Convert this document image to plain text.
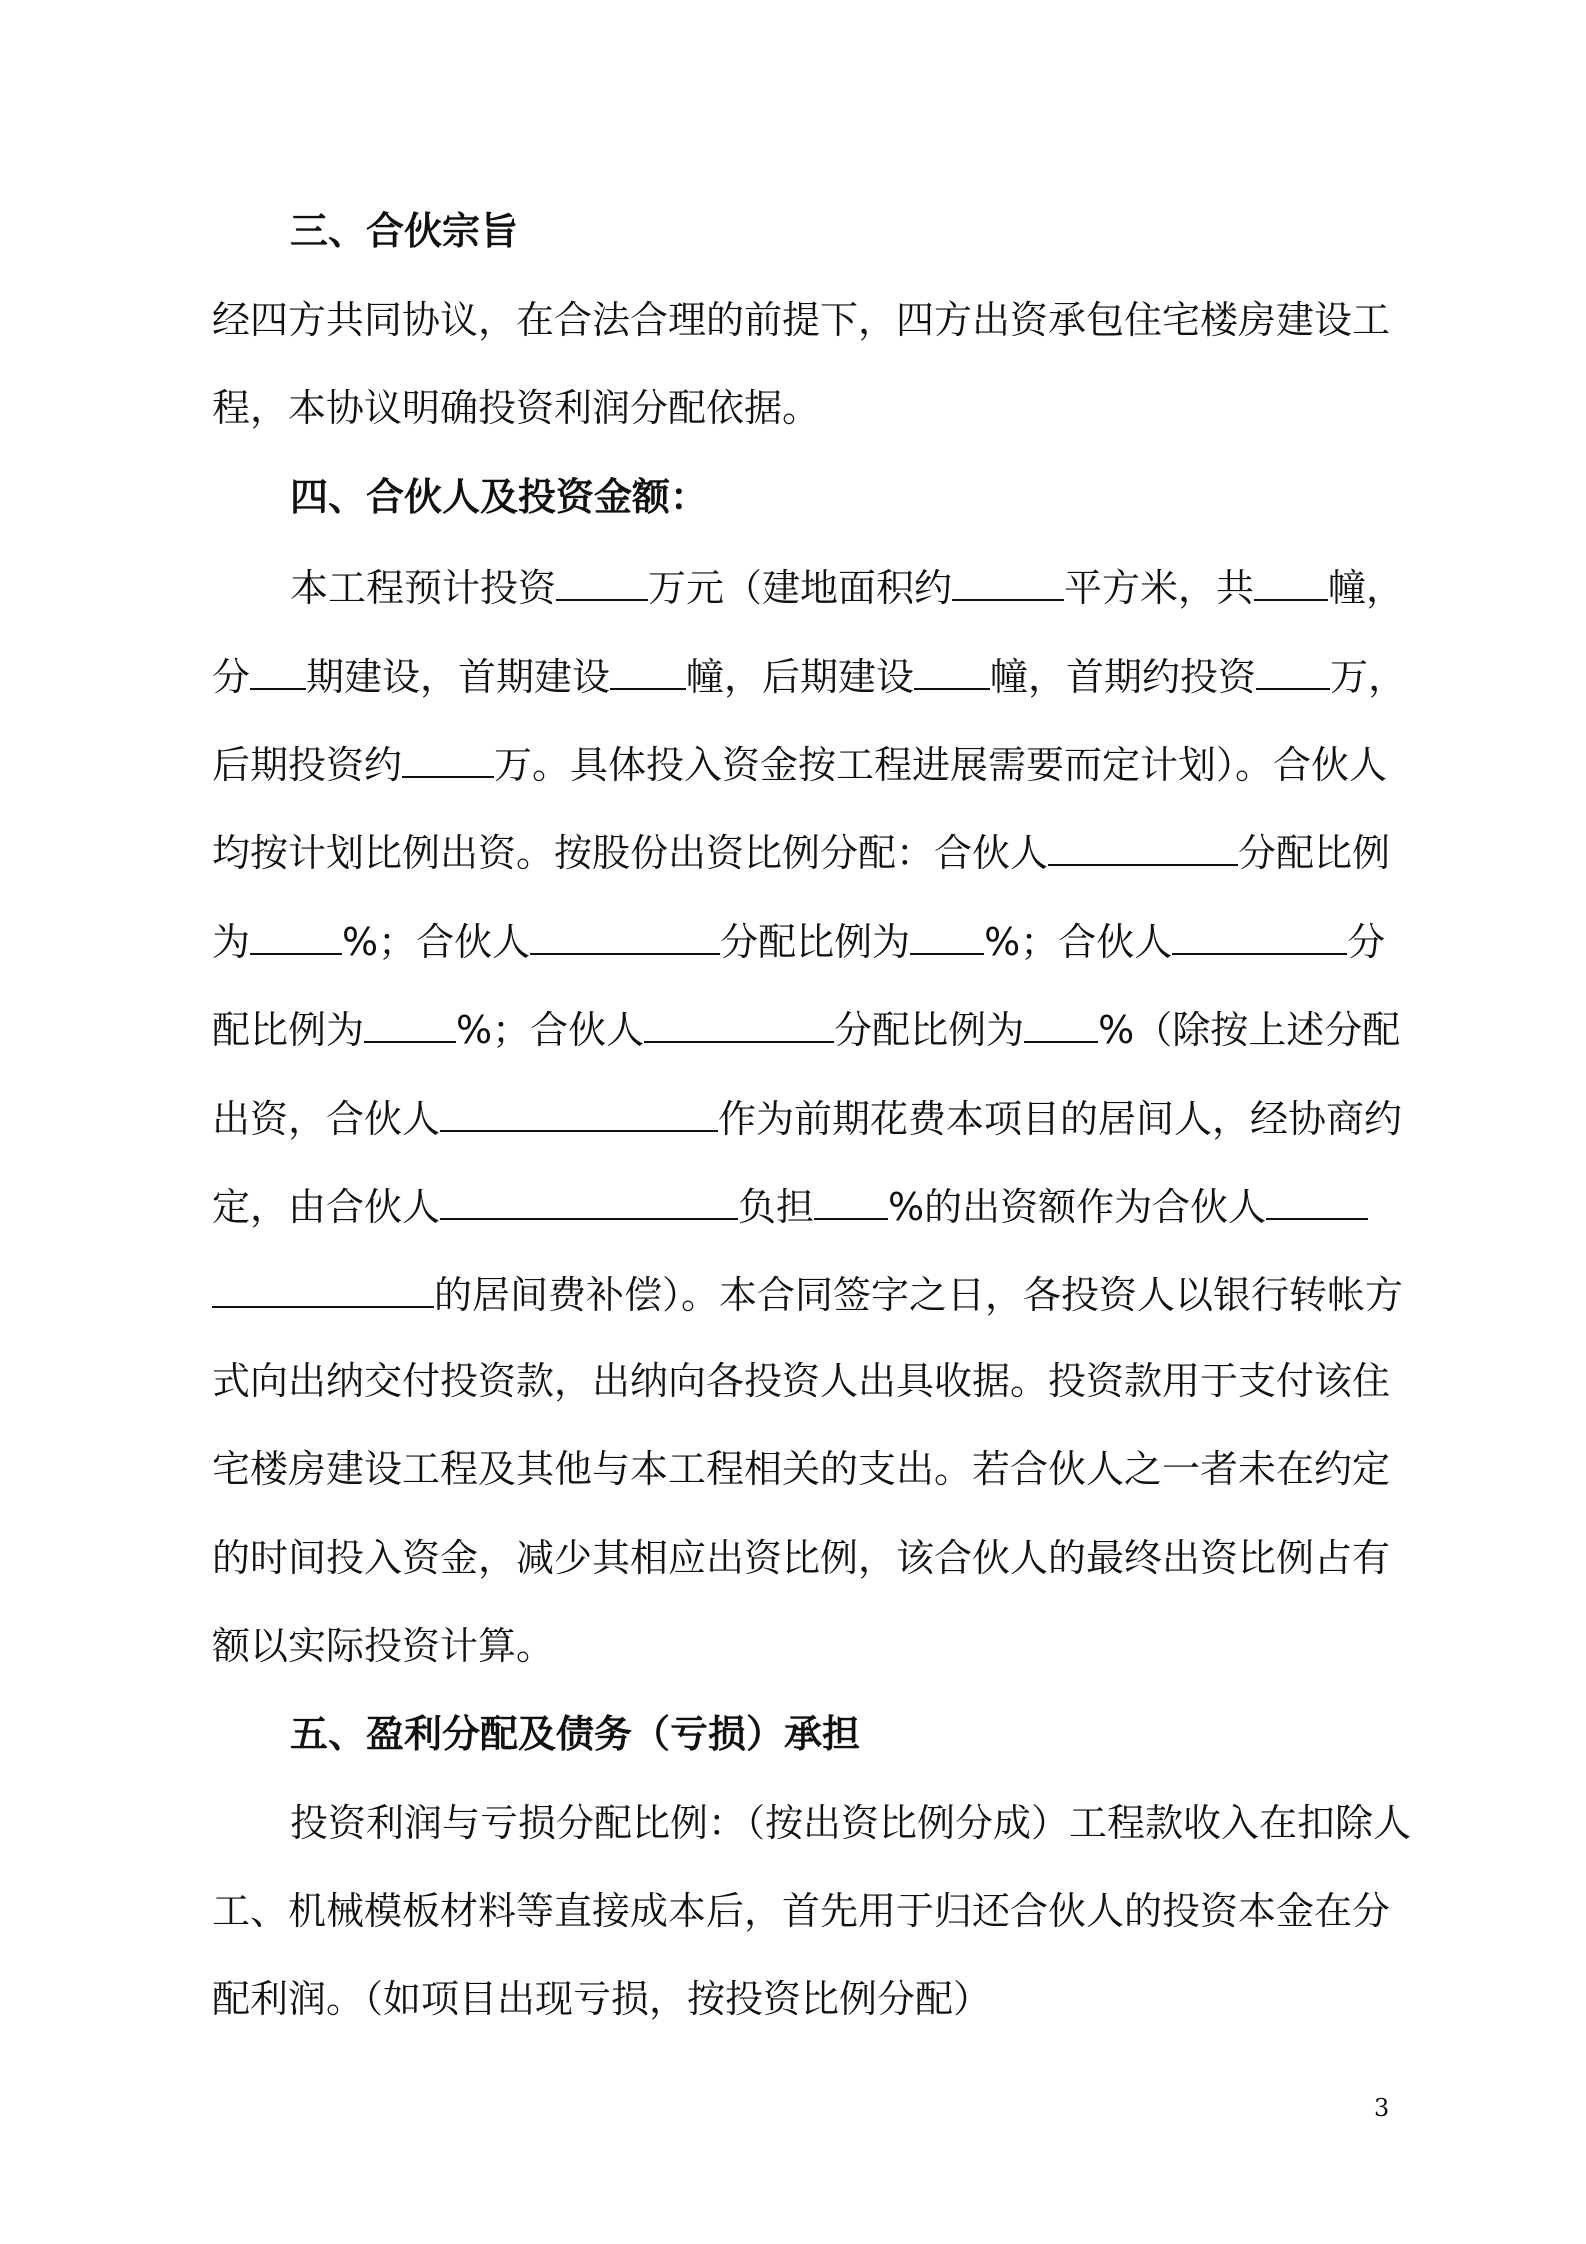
三、合伙宗旨
经四方共同协议，在合法合理的前提下，四方出资承包住宅楼房建设工
程，本协议明确投资利润分配依据。
四、合伙人及投资金额：
本工程预计投资 万元（建地面积约	平方米，共 幢，
分 期建设，首期建设 幢，后期建设 幢，首期约投资 万，
后期投资约 万。具体投入资金按工程进展需要而定计划）。合伙人
均按计划比例出资。按股份出资比例分配：合伙人	分配比例
为 %；合伙人	分配比例为 %；合伙人	分
配比例为 %；合伙人	分配比例为 %（除按上述分配
出资，合伙人	作为前期花费本项目的居间人，经协商约
定，由合伙人	负担 %的出资额作为合伙人
的居间费补偿）。本合同签字之日，各投资人以银行转帐方
式向出纳交付投资款，出纳向各投资人出具收据。投资款用于支付该住
宅楼房建设工程及其他与本工程相关的支出。若合伙人之一者未在约定
的时间投入资金，减少其相应出资比例，该合伙人的最终出资比例占有
额以实际投资计算。
五、盈利分配及债务（亏损）承担
投资利润与亏损分配比例：（按出资比例分成）工程款收入在扣除人
工、机械模板材料等直接成本后，首先用于归还合伙人的投资本金在分
配利润。（如项目出现亏损，按投资比例分配）
3
